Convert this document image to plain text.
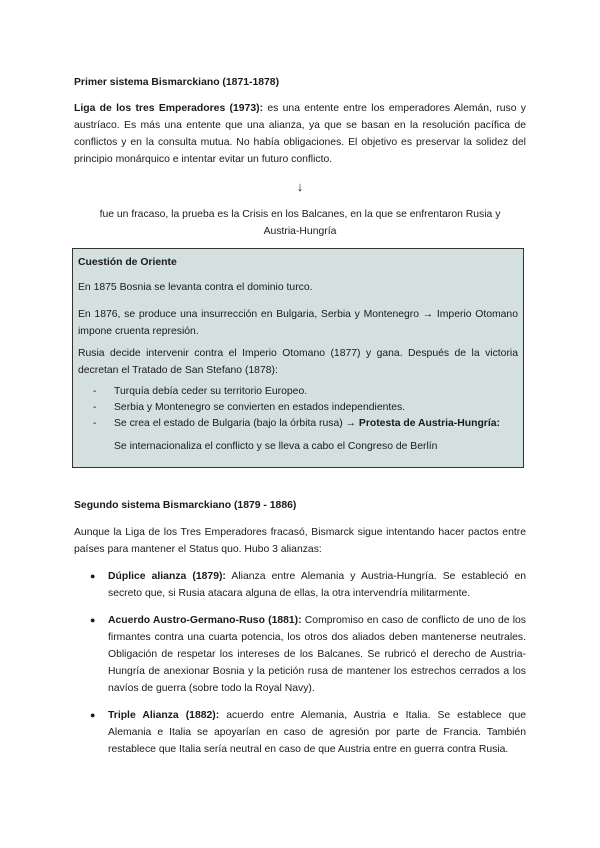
Primer sistema Bismarckiano (1871-1878)
Liga de los tres Emperadores (1973): es una entente entre los emperadores Alemán, ruso y austríaco. Es más una entente que una alianza, ya que se basan en la resolución pacífica de conflictos y en la consulta mutua. No había obligaciones. El objetivo es preservar la solidez del principio monárquico e intentar evitar un futuro conflicto.
↓
fue un fracaso, la prueba es la Crisis en los Balcanes, en la que se enfrentaron Rusia y
Austria-Hungría
Cuestión de Oriente
En 1875 Bosnia se levanta contra el dominio turco.
En 1876, se produce una insurrección en Bulgaria, Serbia y Montenegro → Imperio Otomano impone cruenta represión.
Rusia decide intervenir contra el Imperio Otomano (1877) y gana. Después de la victoria decretan el Tratado de San Stefano (1878):
- Turquía debía ceder su territorio Europeo.
- Serbia y Montenegro se convierten en estados independientes.
- Se crea el estado de Bulgaria (bajo la órbita rusa) → Protesta de Austria-Hungría:
Se internacionaliza el conflicto y se lleva a cabo el Congreso de Berlín
Segundo sistema Bismarckiano (1879 - 1886)
Aunque la Liga de los Tres Emperadores fracasó, Bismarck sigue intentando hacer pactos entre países para mantener el Status quo. Hubo 3 alianzas:
● Dúplice alianza (1879): Alianza entre Alemania y Austria-Hungría. Se estableció en secreto que, si Rusia atacara alguna de ellas, la otra intervendría militarmente.
● Acuerdo Austro-Germano-Ruso (1881): Compromiso en caso de conflicto de uno de los firmantes contra una cuarta potencia, los otros dos aliados deben mantenerse neutrales. Obligación de respetar los intereses de los Balcanes. Se rubricó el derecho de Austria-Hungría de anexionar Bosnia y la petición rusa de mantener los estrechos cerrados a los navíos de guerra (sobre todo la Royal Navy).
● Triple Alianza (1882): acuerdo entre Alemania, Austria e Italia. Se establece que Alemania e Italia se apoyarían en caso de agresión por parte de Francia. También restablece que Italia sería neutral en caso de que Austria entre en guerra contra Rusia.
